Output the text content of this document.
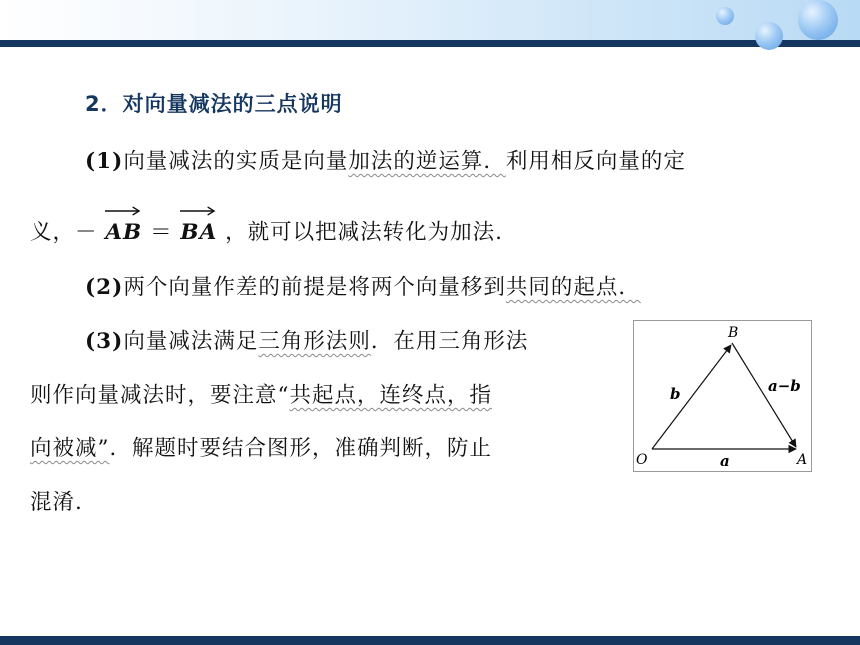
2．对向量减法的三点说明
(1)向量减法的实质是向量加法的逆运算．利用相反向量的定
义，－ AB ＝ BA ，就可以把减法转化为加法.
(2)两个向量作差的前提是将两个向量移到共同的起点．
(3)向量减法满足三角形法则．在用三角形法
则作向量减法时，要注意“共起点，连终点，指
向被减”．解题时要结合图形，准确判断，防止
混淆.
B
O	A
a
b	a−b
